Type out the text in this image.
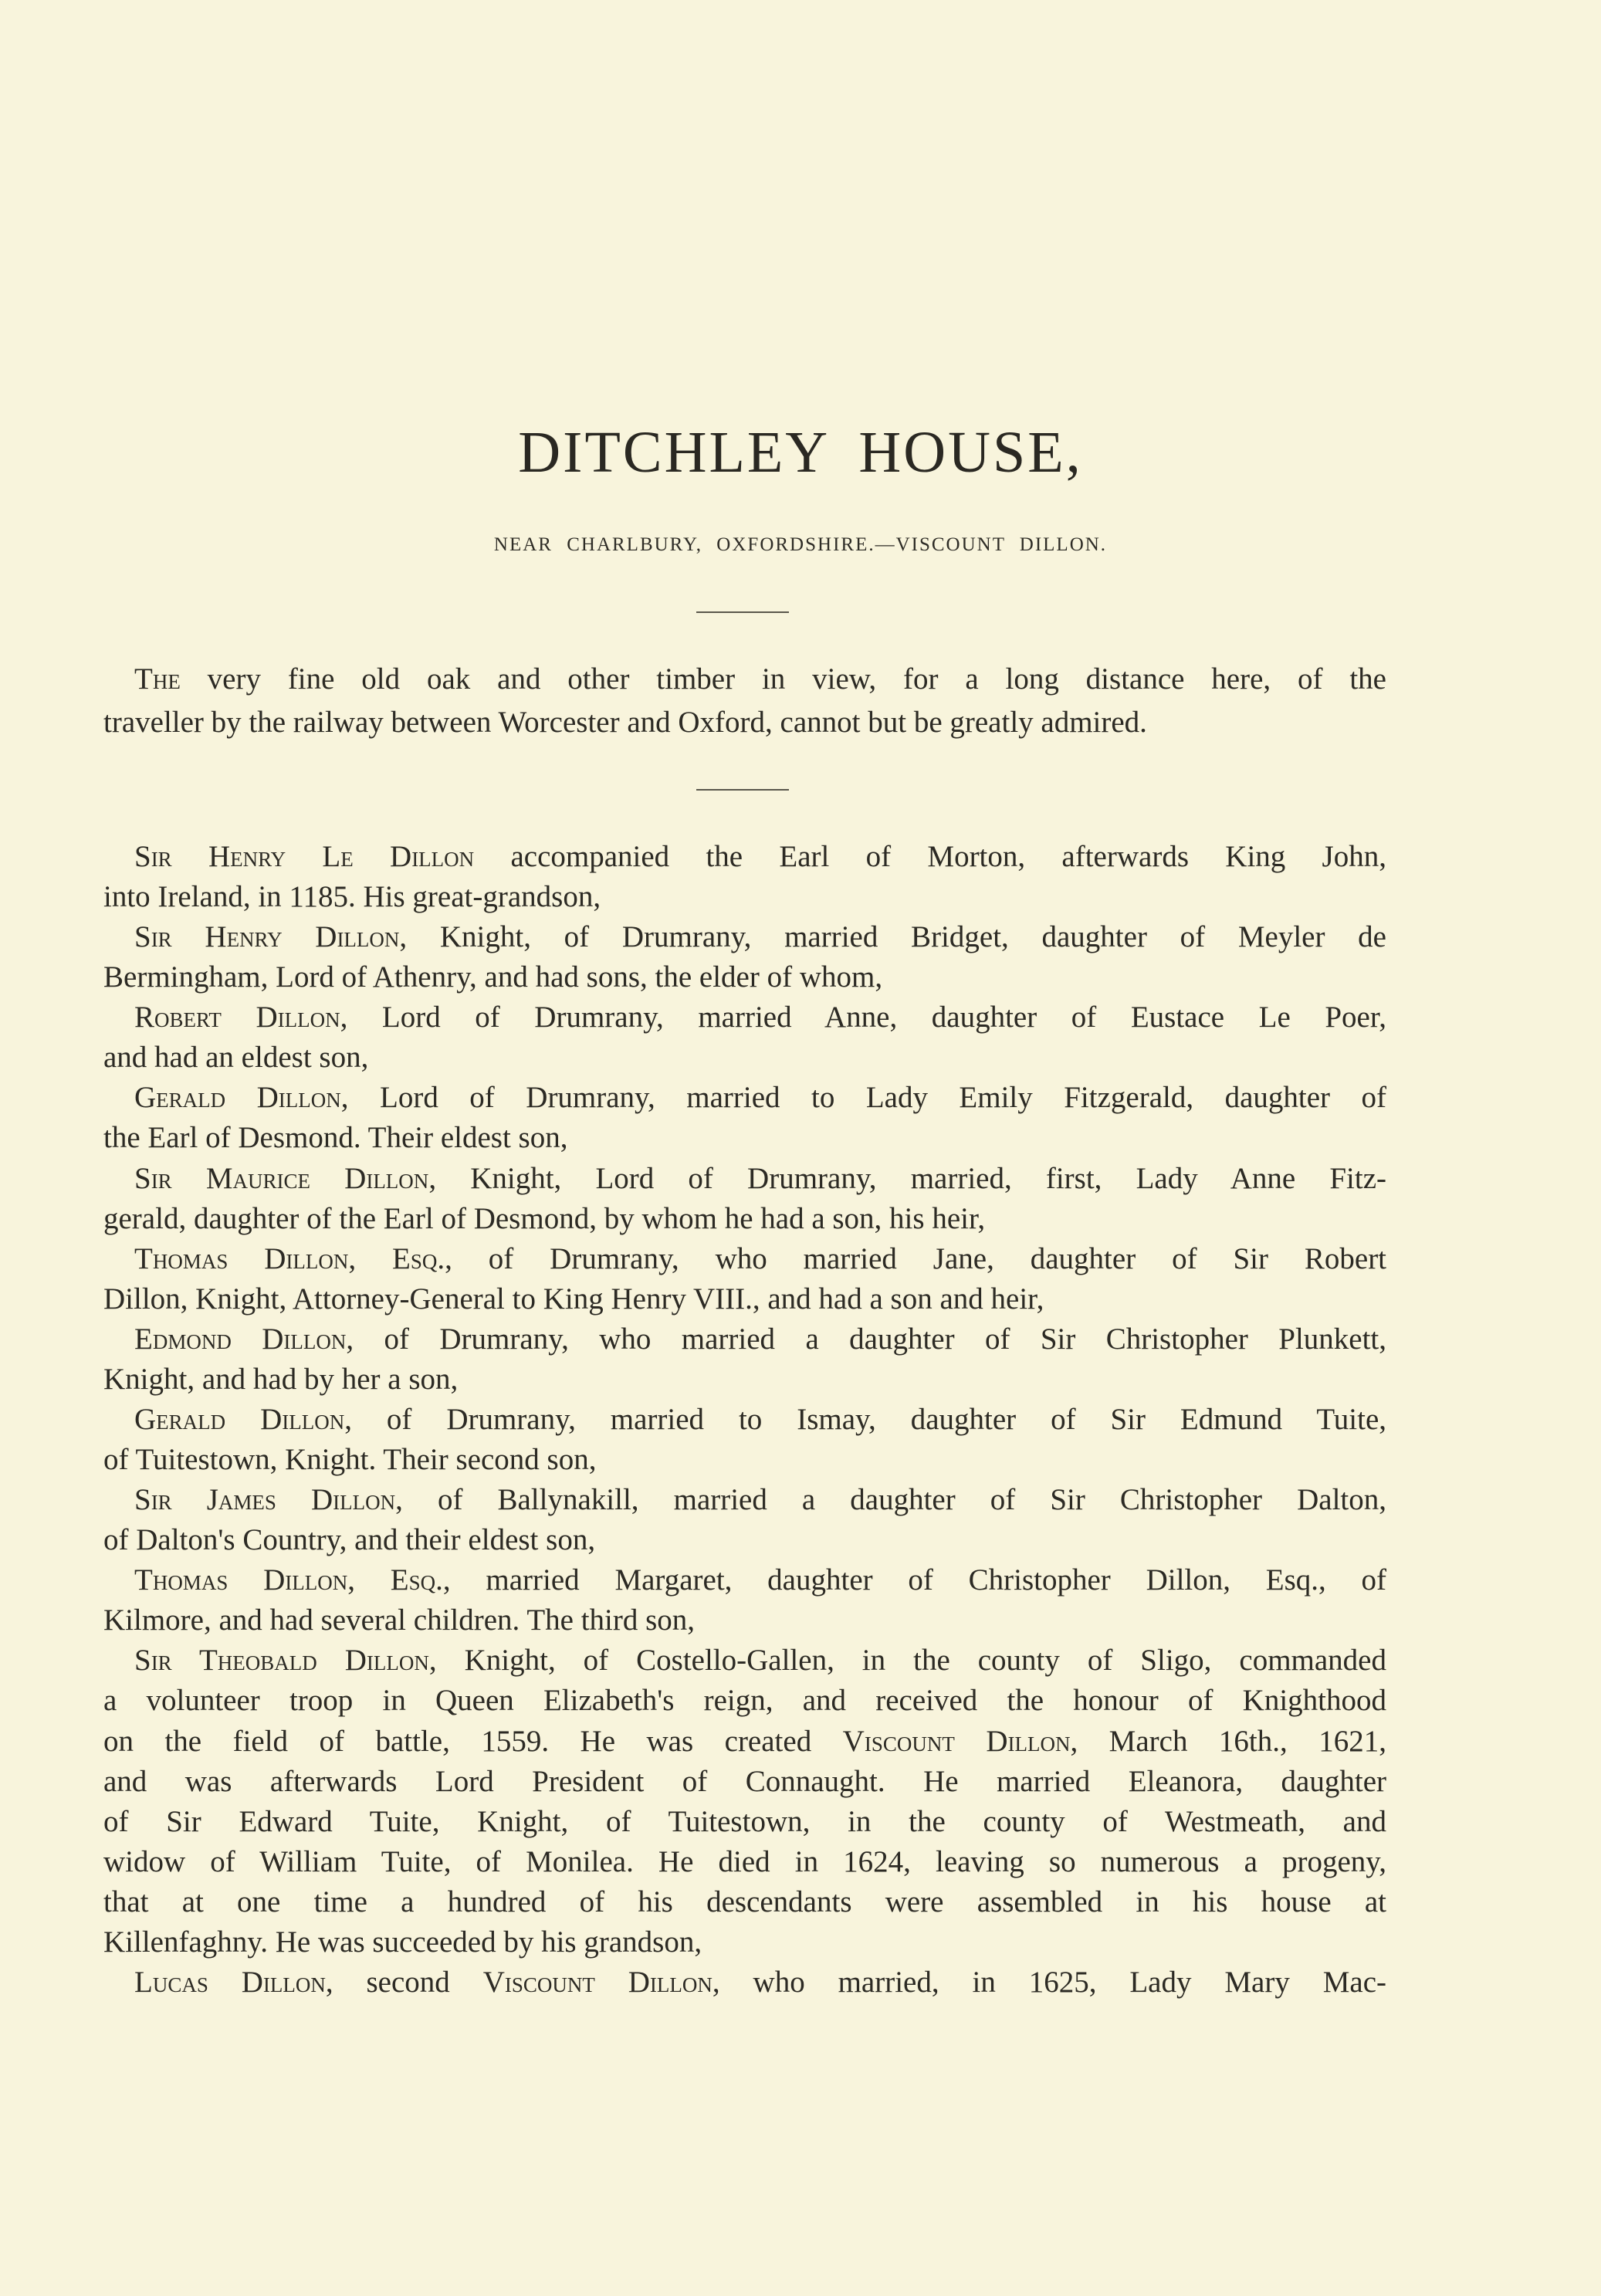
DITCHLEY HOUSE,
NEAR CHARLBURY, OXFORDSHIRE.—VISCOUNT DILLON.
The very fine old oak and other timber in view, for a long distance here, of the
traveller by the railway between Worcester and Oxford, cannot but be greatly admired.
Sir Henry Le Dillon accompanied the Earl of Morton, afterwards King John,
into Ireland, in 1185. His great-grandson,
Sir Henry Dillon, Knight, of Drumrany, married Bridget, daughter of Meyler de
Bermingham, Lord of Athenry, and had sons, the elder of whom,
Robert Dillon, Lord of Drumrany, married Anne, daughter of Eustace Le Poer,
and had an eldest son,
Gerald Dillon, Lord of Drumrany, married to Lady Emily Fitzgerald, daughter of
the Earl of Desmond. Their eldest son,
Sir Maurice Dillon, Knight, Lord of Drumrany, married, first, Lady Anne Fitz-
gerald, daughter of the Earl of Desmond, by whom he had a son, his heir,
Thomas Dillon, Esq., of Drumrany, who married Jane, daughter of Sir Robert
Dillon, Knight, Attorney-General to King Henry VIII., and had a son and heir,
Edmond Dillon, of Drumrany, who married a daughter of Sir Christopher Plunkett,
Knight, and had by her a son,
Gerald Dillon, of Drumrany, married to Ismay, daughter of Sir Edmund Tuite,
of Tuitestown, Knight. Their second son,
Sir James Dillon, of Ballynakill, married a daughter of Sir Christopher Dalton,
of Dalton's Country, and their eldest son,
Thomas Dillon, Esq., married Margaret, daughter of Christopher Dillon, Esq., of
Kilmore, and had several children. The third son,
Sir Theobald Dillon, Knight, of Costello-Gallen, in the county of Sligo, commanded
a volunteer troop in Queen Elizabeth's reign, and received the honour of Knighthood
on the field of battle, 1559. He was created Viscount Dillon, March 16th., 1621,
and was afterwards Lord President of Connaught. He married Eleanora, daughter
of Sir Edward Tuite, Knight, of Tuitestown, in the county of Westmeath, and
widow of William Tuite, of Monilea. He died in 1624, leaving so numerous a progeny,
that at one time a hundred of his descendants were assembled in his house at
Killenfaghny. He was succeeded by his grandson,
Lucas Dillon, second Viscount Dillon, who married, in 1625, Lady Mary Mac-
